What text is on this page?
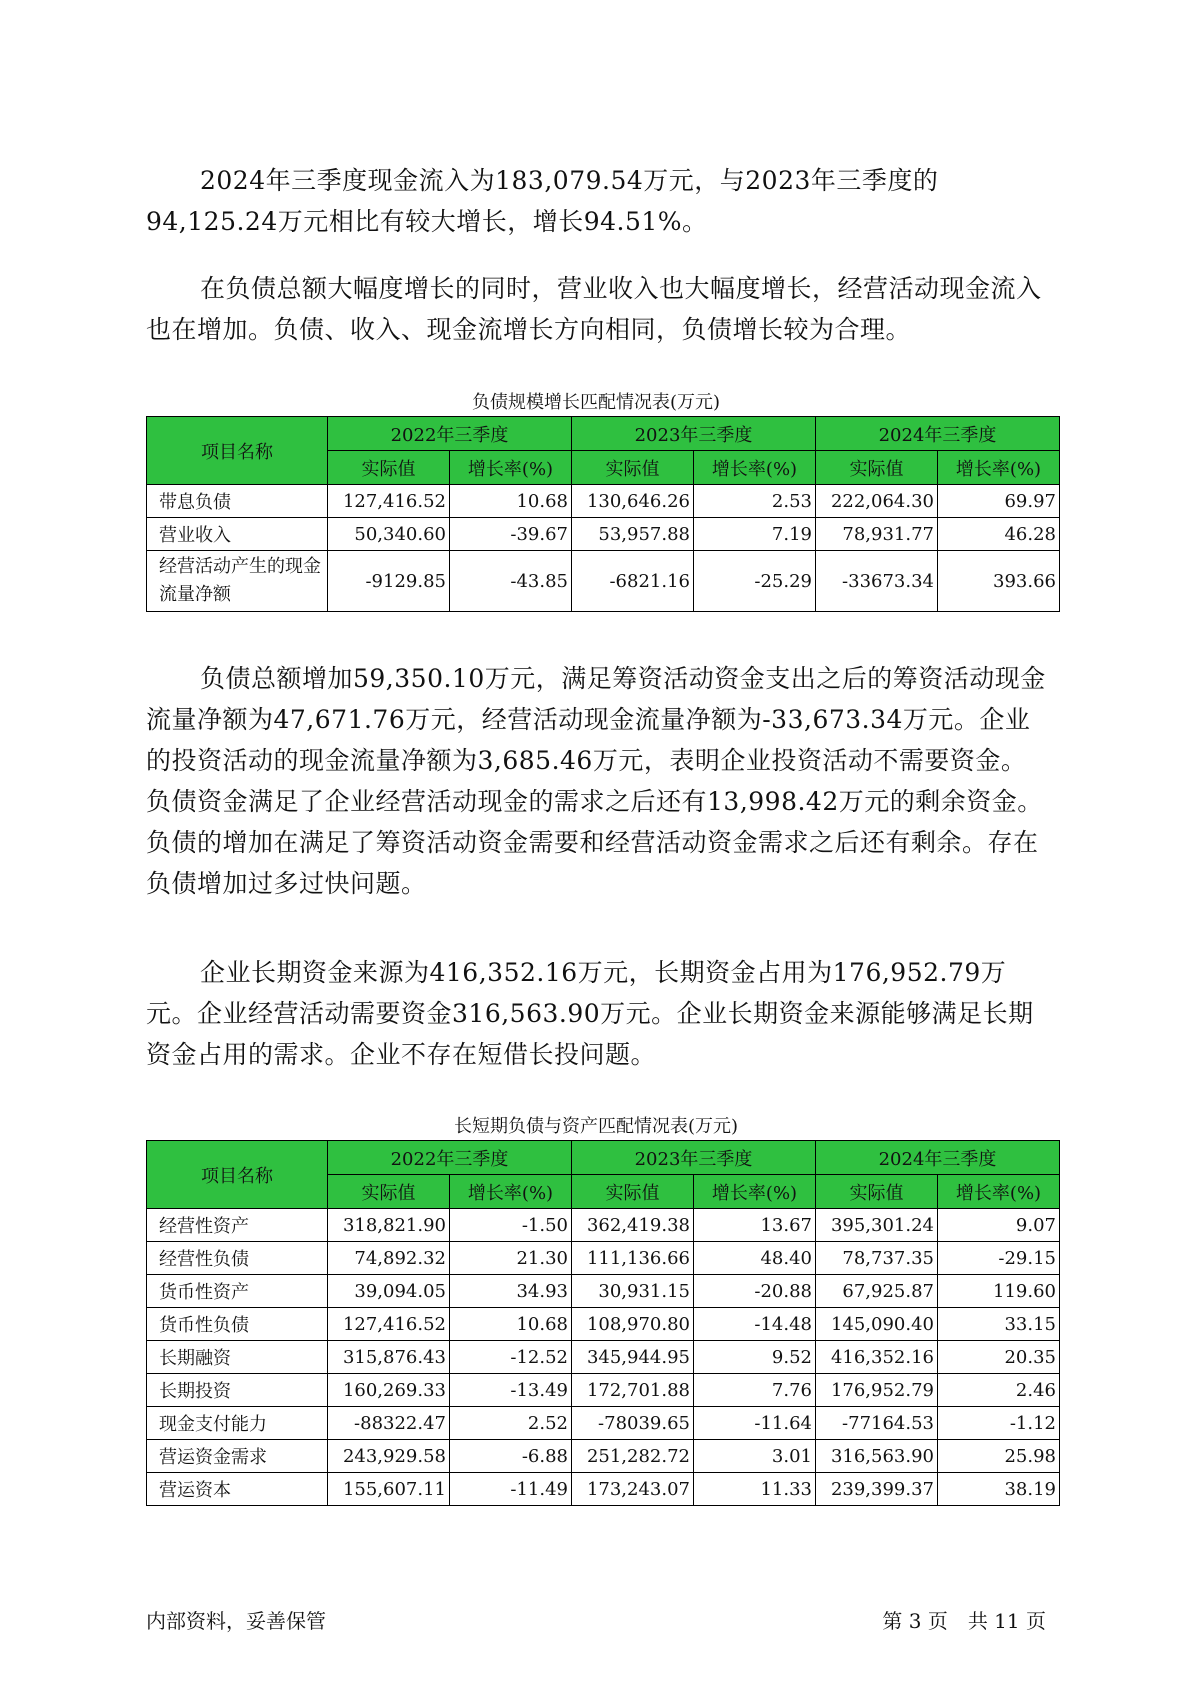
2024年三季度现金流入为183,079.54万元，与2023年三季度的94,125.24万元相比有较大增长，增长94.51%。

在负债总额大幅度增长的同时，营业收入也大幅度增长，经营活动现金流入也在增加。负债、收入、现金流增长方向相同，负债增长较为合理。

负债规模增长匹配情况表(万元)

项目名称	2022年三季度		2023年三季度		2024年三季度	
	实际值	增长率(%)	实际值	增长率(%)	实际值	增长率(%)
带息负债	127,416.52	10.68	130,646.26	2.53	222,064.30	69.97
营业收入	50,340.60	-39.67	53,957.88	7.19	78,931.77	46.28
经营活动产生的现金流量净额	-9129.85	-43.85	-6821.16	-25.29	-33673.34	393.66

负债总额增加59,350.10万元，满足筹资活动资金支出之后的筹资活动现金流量净额为47,671.76万元，经营活动现金流量净额为-33,673.34万元。企业的投资活动的现金流量净额为3,685.46万元，表明企业投资活动不需要资金。负债资金满足了企业经营活动现金的需求之后还有13,998.42万元的剩余资金。负债的增加在满足了筹资活动资金需要和经营活动资金需求之后还有剩余。存在负债增加过多过快问题。

企业长期资金来源为416,352.16万元，长期资金占用为176,952.79万元。企业经营活动需要资金316,563.90万元。企业长期资金来源能够满足长期资金占用的需求。企业不存在短借长投问题。

长短期负债与资产匹配情况表(万元)

项目名称	2022年三季度		2023年三季度		2024年三季度	
	实际值	增长率(%)	实际值	增长率(%)	实际值	增长率(%)
经营性资产	318,821.90	-1.50	362,419.38	13.67	395,301.24	9.07
经营性负债	74,892.32	21.30	111,136.66	48.40	78,737.35	-29.15
货币性资产	39,094.05	34.93	30,931.15	-20.88	67,925.87	119.60
货币性负债	127,416.52	10.68	108,970.80	-14.48	145,090.40	33.15
长期融资	315,876.43	-12.52	345,944.95	9.52	416,352.16	20.35
长期投资	160,269.33	-13.49	172,701.88	7.76	176,952.79	2.46
现金支付能力	-88322.47	2.52	-78039.65	-11.64	-77164.53	-1.12
营运资金需求	243,929.58	-6.88	251,282.72	3.01	316,563.90	25.98
营运资本	155,607.11	-11.49	173,243.07	11.33	239,399.37	38.19

内部资料，妥善保管	第 3 页　共 11 页
